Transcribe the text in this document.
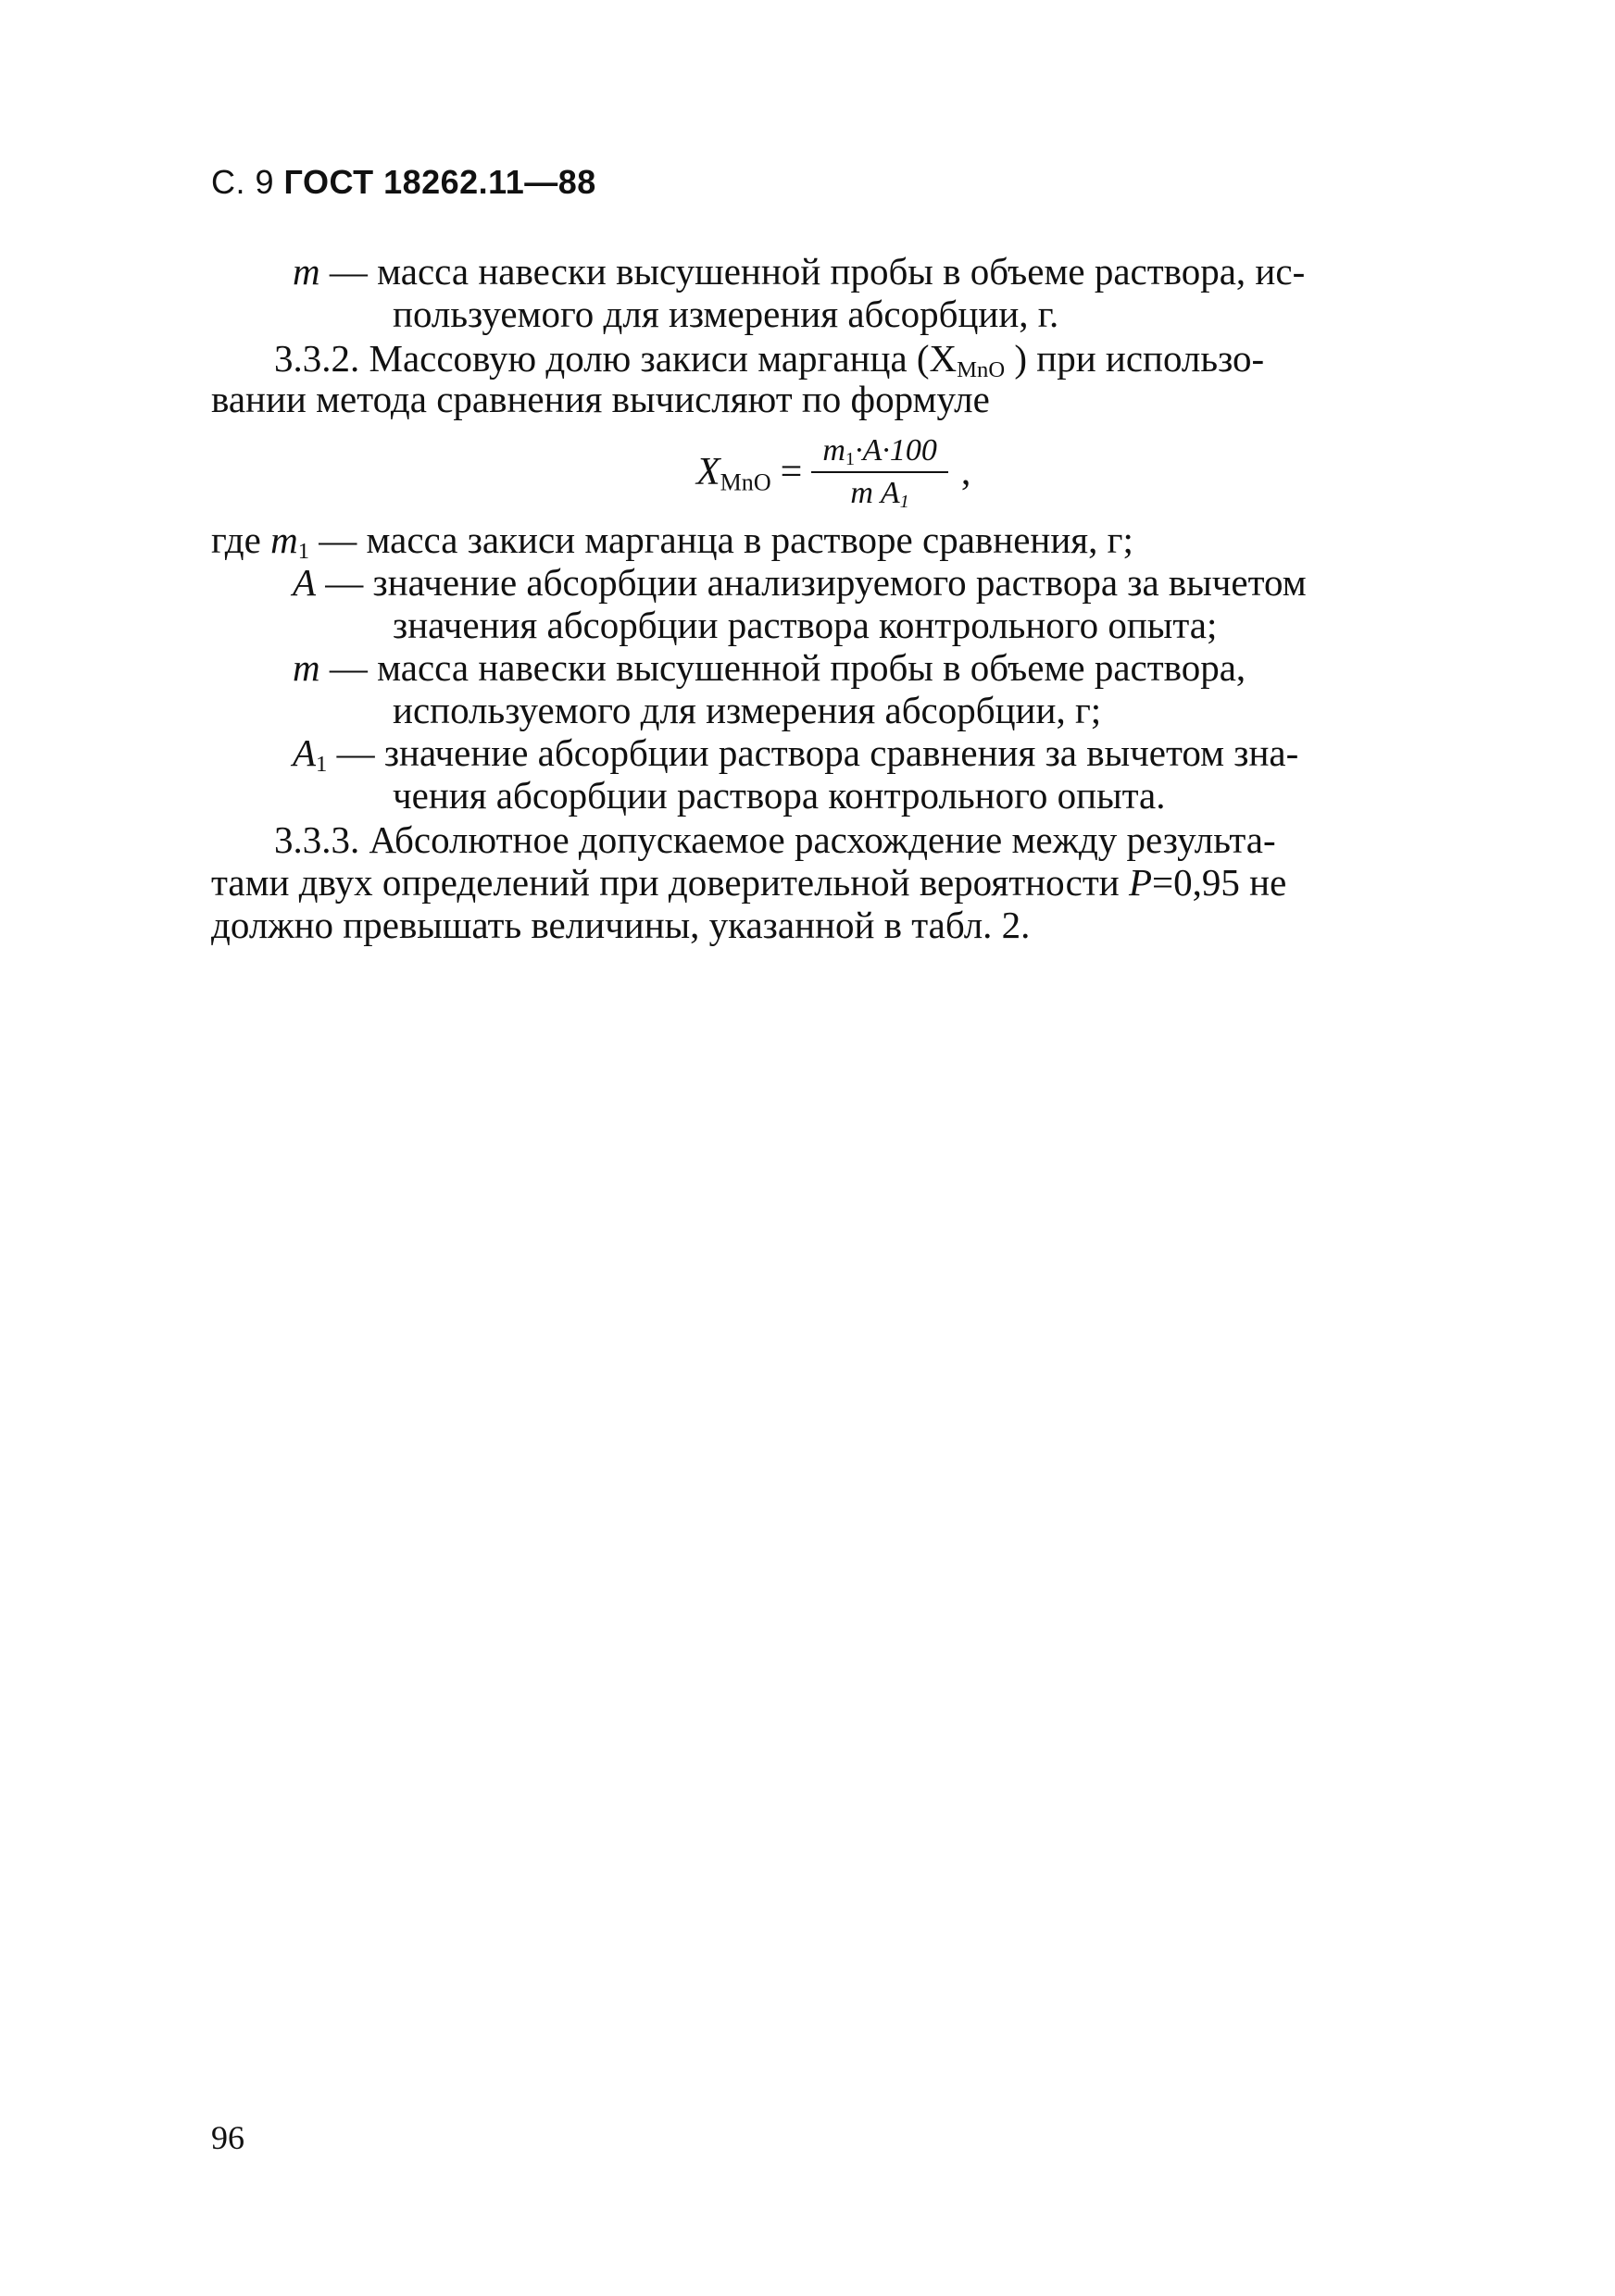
С. 9 ГОСТ 18262.11—88
m — масса навески высушенной пробы в объеме раствора, ис-
пользуемого для измерения абсорбции, г.
3.3.2. Массовую долю закиси марганца ($X_{MnO}$ ) при использо-
вании метода сравнения вычисляют по формуле
$X_{MnO} = \frac{m_1\cdot A\cdot 100}{m A_1}$ ,
где $m_1$ — масса закиси марганца в растворе сравнения, г;
A — значение абсорбции анализируемого раствора за вычетом
значения абсорбции раствора контрольного опыта;
m — масса навески высушенной пробы в объеме раствора,
используемого для измерения абсорбции, г;
$A_1$ — значение абсорбции раствора сравнения за вычетом зна-
чения абсорбции раствора контрольного опыта.
3.3.3. Абсолютное допускаемое расхождение между результа-
тами двух определений при доверительной вероятности P=0,95 не
должно превышать величины, указанной в табл. 2.
96
